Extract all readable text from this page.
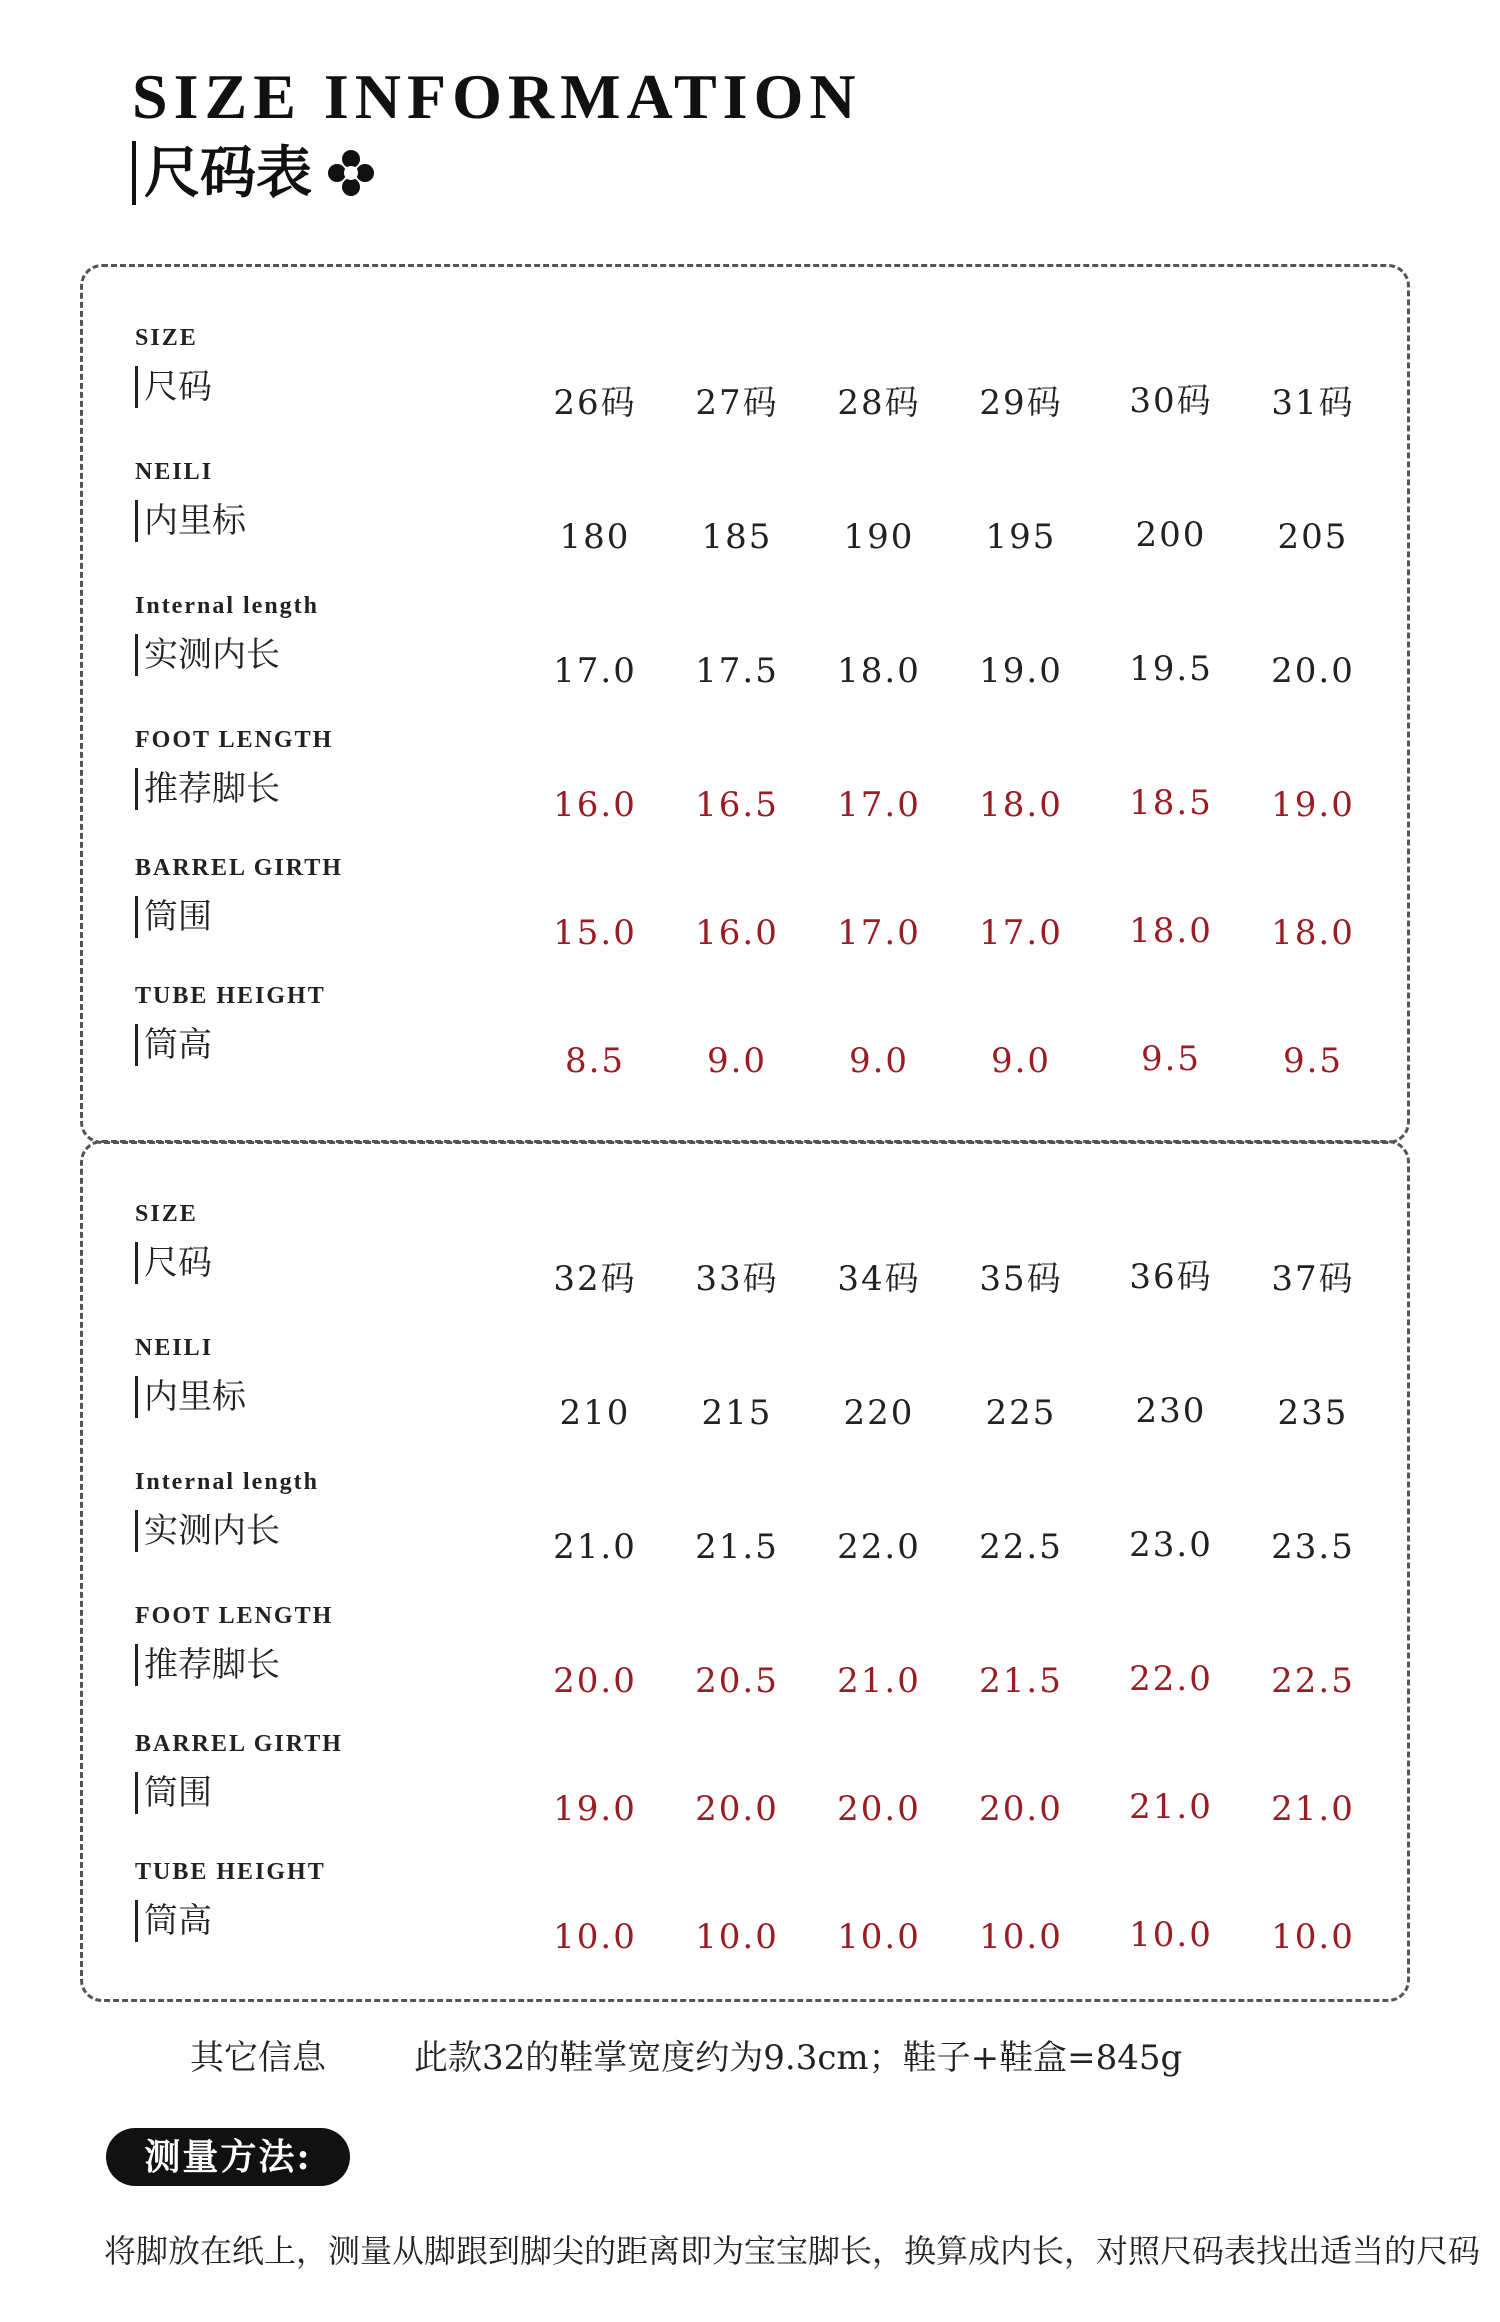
SIZE INFORMATION
尺码表
SIZE
尺码	26码	27码	28码	29码	30码	31码
NEILI
内里标	180	185	190	195	200	205
Internal length
实测内长	17.0	17.5	18.0	19.0	19.5	20.0
FOOT LENGTH
推荐脚长	16.0	16.5	17.0	18.0	18.5	19.0
BARREL GIRTH
筒围	15.0	16.0	17.0	17.0	18.0	18.0
TUBE HEIGHT
筒高	8.5	9.0	9.0	9.0	9.5	9.5
SIZE
尺码	32码	33码	34码	35码	36码	37码
NEILI
内里标	210	215	220	225	230	235
Internal length
实测内长	21.0	21.5	22.0	22.5	23.0	23.5
FOOT LENGTH
推荐脚长	20.0	20.5	21.0	21.5	22.0	22.5
BARREL GIRTH
筒围	19.0	20.0	20.0	20.0	21.0	21.0
TUBE HEIGHT
筒高	10.0	10.0	10.0	10.0	10.0	10.0
其它信息	此款32的鞋掌宽度约为9.3cm；鞋子+鞋盒=845g
测量方法:
将脚放在纸上，测量从脚跟到脚尖的距离即为宝宝脚长，换算成内长，对照尺码表找出适当的尺码
